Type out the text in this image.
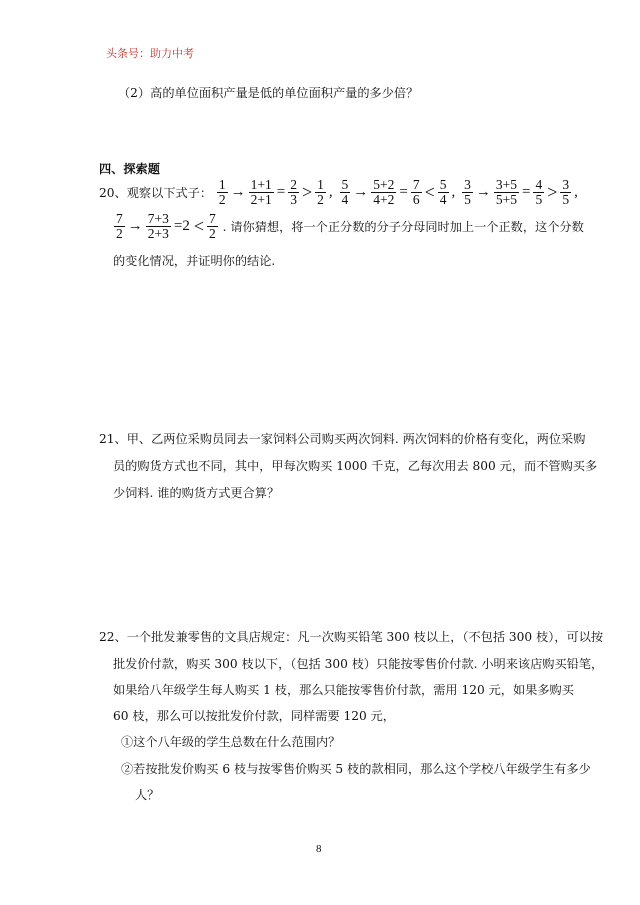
头条号：助力中考
（2）高的单位面积产量是低的单位面积产量的多少倍？
四、探索题
20、观察以下式子： $\frac{1}{2} \to \frac{1+1}{2+1} = \frac{2}{3} > \frac{1}{2}$ , $\frac{5}{4} \to \frac{5+2}{4+2} = \frac{7}{6} < \frac{5}{4}$ , $\frac{3}{5} \to \frac{3+5}{5+5} = \frac{4}{5} > \frac{3}{5}$ ,
$\frac{7}{2} \to \frac{7+3}{2+3} =2 < \frac{7}{2}$ . 请你猜想，将一个正分数的分子分母同时加上一个正数，这个分数
的变化情况，并证明你的结论.
21、甲、乙两位采购员同去一家饲料公司购买两次饲料. 两次饲料的价格有变化，两位采购
员的购货方式也不同，其中，甲每次购买 1000 千克，乙每次用去 800 元，而不管购买多
少饲料. 谁的购货方式更合算？
22、一个批发兼零售的文具店规定：凡一次购买铅笔 300 枝以上，（不包括 300 枝），可以按
批发价付款，购买 300 枝以下，（包括 300 枝）只能按零售价付款. 小明来该店购买铅笔，
如果给八年级学生每人购买 1 枝，那么只能按零售价付款，需用 120 元，如果多购买
60 枝，那么可以按批发价付款，同样需要 120 元，
①这个八年级的学生总数在什么范围内？
②若按批发价购买 6 枝与按零售价购买 5 枝的款相同，那么这个学校八年级学生有多少
人？
8
